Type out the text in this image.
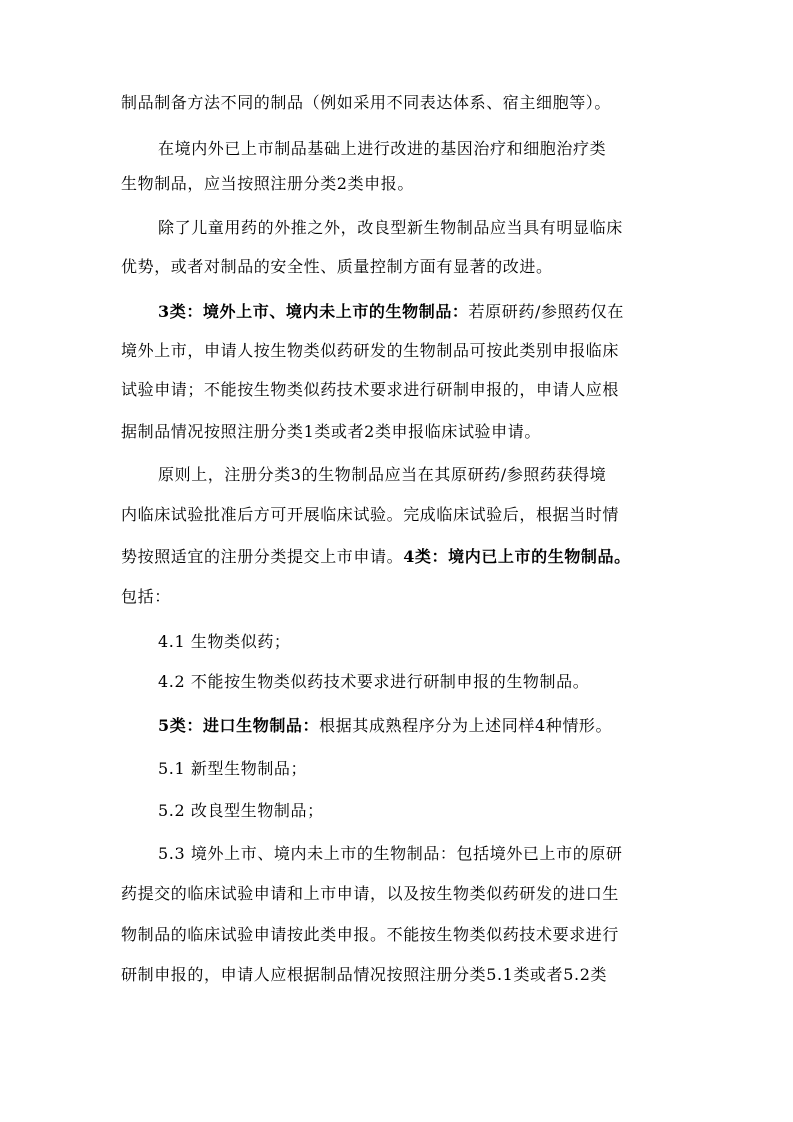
制品制备方法不同的制品（例如采用不同表达体系、宿主细胞等）。
在境内外已上市制品基础上进行改进的基因治疗和细胞治疗类
生物制品，应当按照注册分类2类申报。
除了儿童用药的外推之外，改良型新生物制品应当具有明显临床
优势，或者对制品的安全性、质量控制方面有显著的改进。
3类：境外上市、境内未上市的生物制品：若原研药/参照药仅在
境外上市，申请人按生物类似药研发的生物制品可按此类别申报临床
试验申请；不能按生物类似药技术要求进行研制申报的，申请人应根
据制品情况按照注册分类1类或者2类申报临床试验申请。
原则上，注册分类3的生物制品应当在其原研药/参照药获得境
内临床试验批准后方可开展临床试验。完成临床试验后，根据当时情
势按照适宜的注册分类提交上市申请。4类：境内已上市的生物制品。
包括：
4.1 生物类似药；
4.2 不能按生物类似药技术要求进行研制申报的生物制品。
5类：进口生物制品：根据其成熟程序分为上述同样4种情形。
5.1 新型生物制品；
5.2 改良型生物制品；
5.3 境外上市、境内未上市的生物制品：包括境外已上市的原研
药提交的临床试验申请和上市申请，以及按生物类似药研发的进口生
物制品的临床试验申请按此类申报。不能按生物类似药技术要求进行
研制申报的，申请人应根据制品情况按照注册分类5.1类或者5.2类
